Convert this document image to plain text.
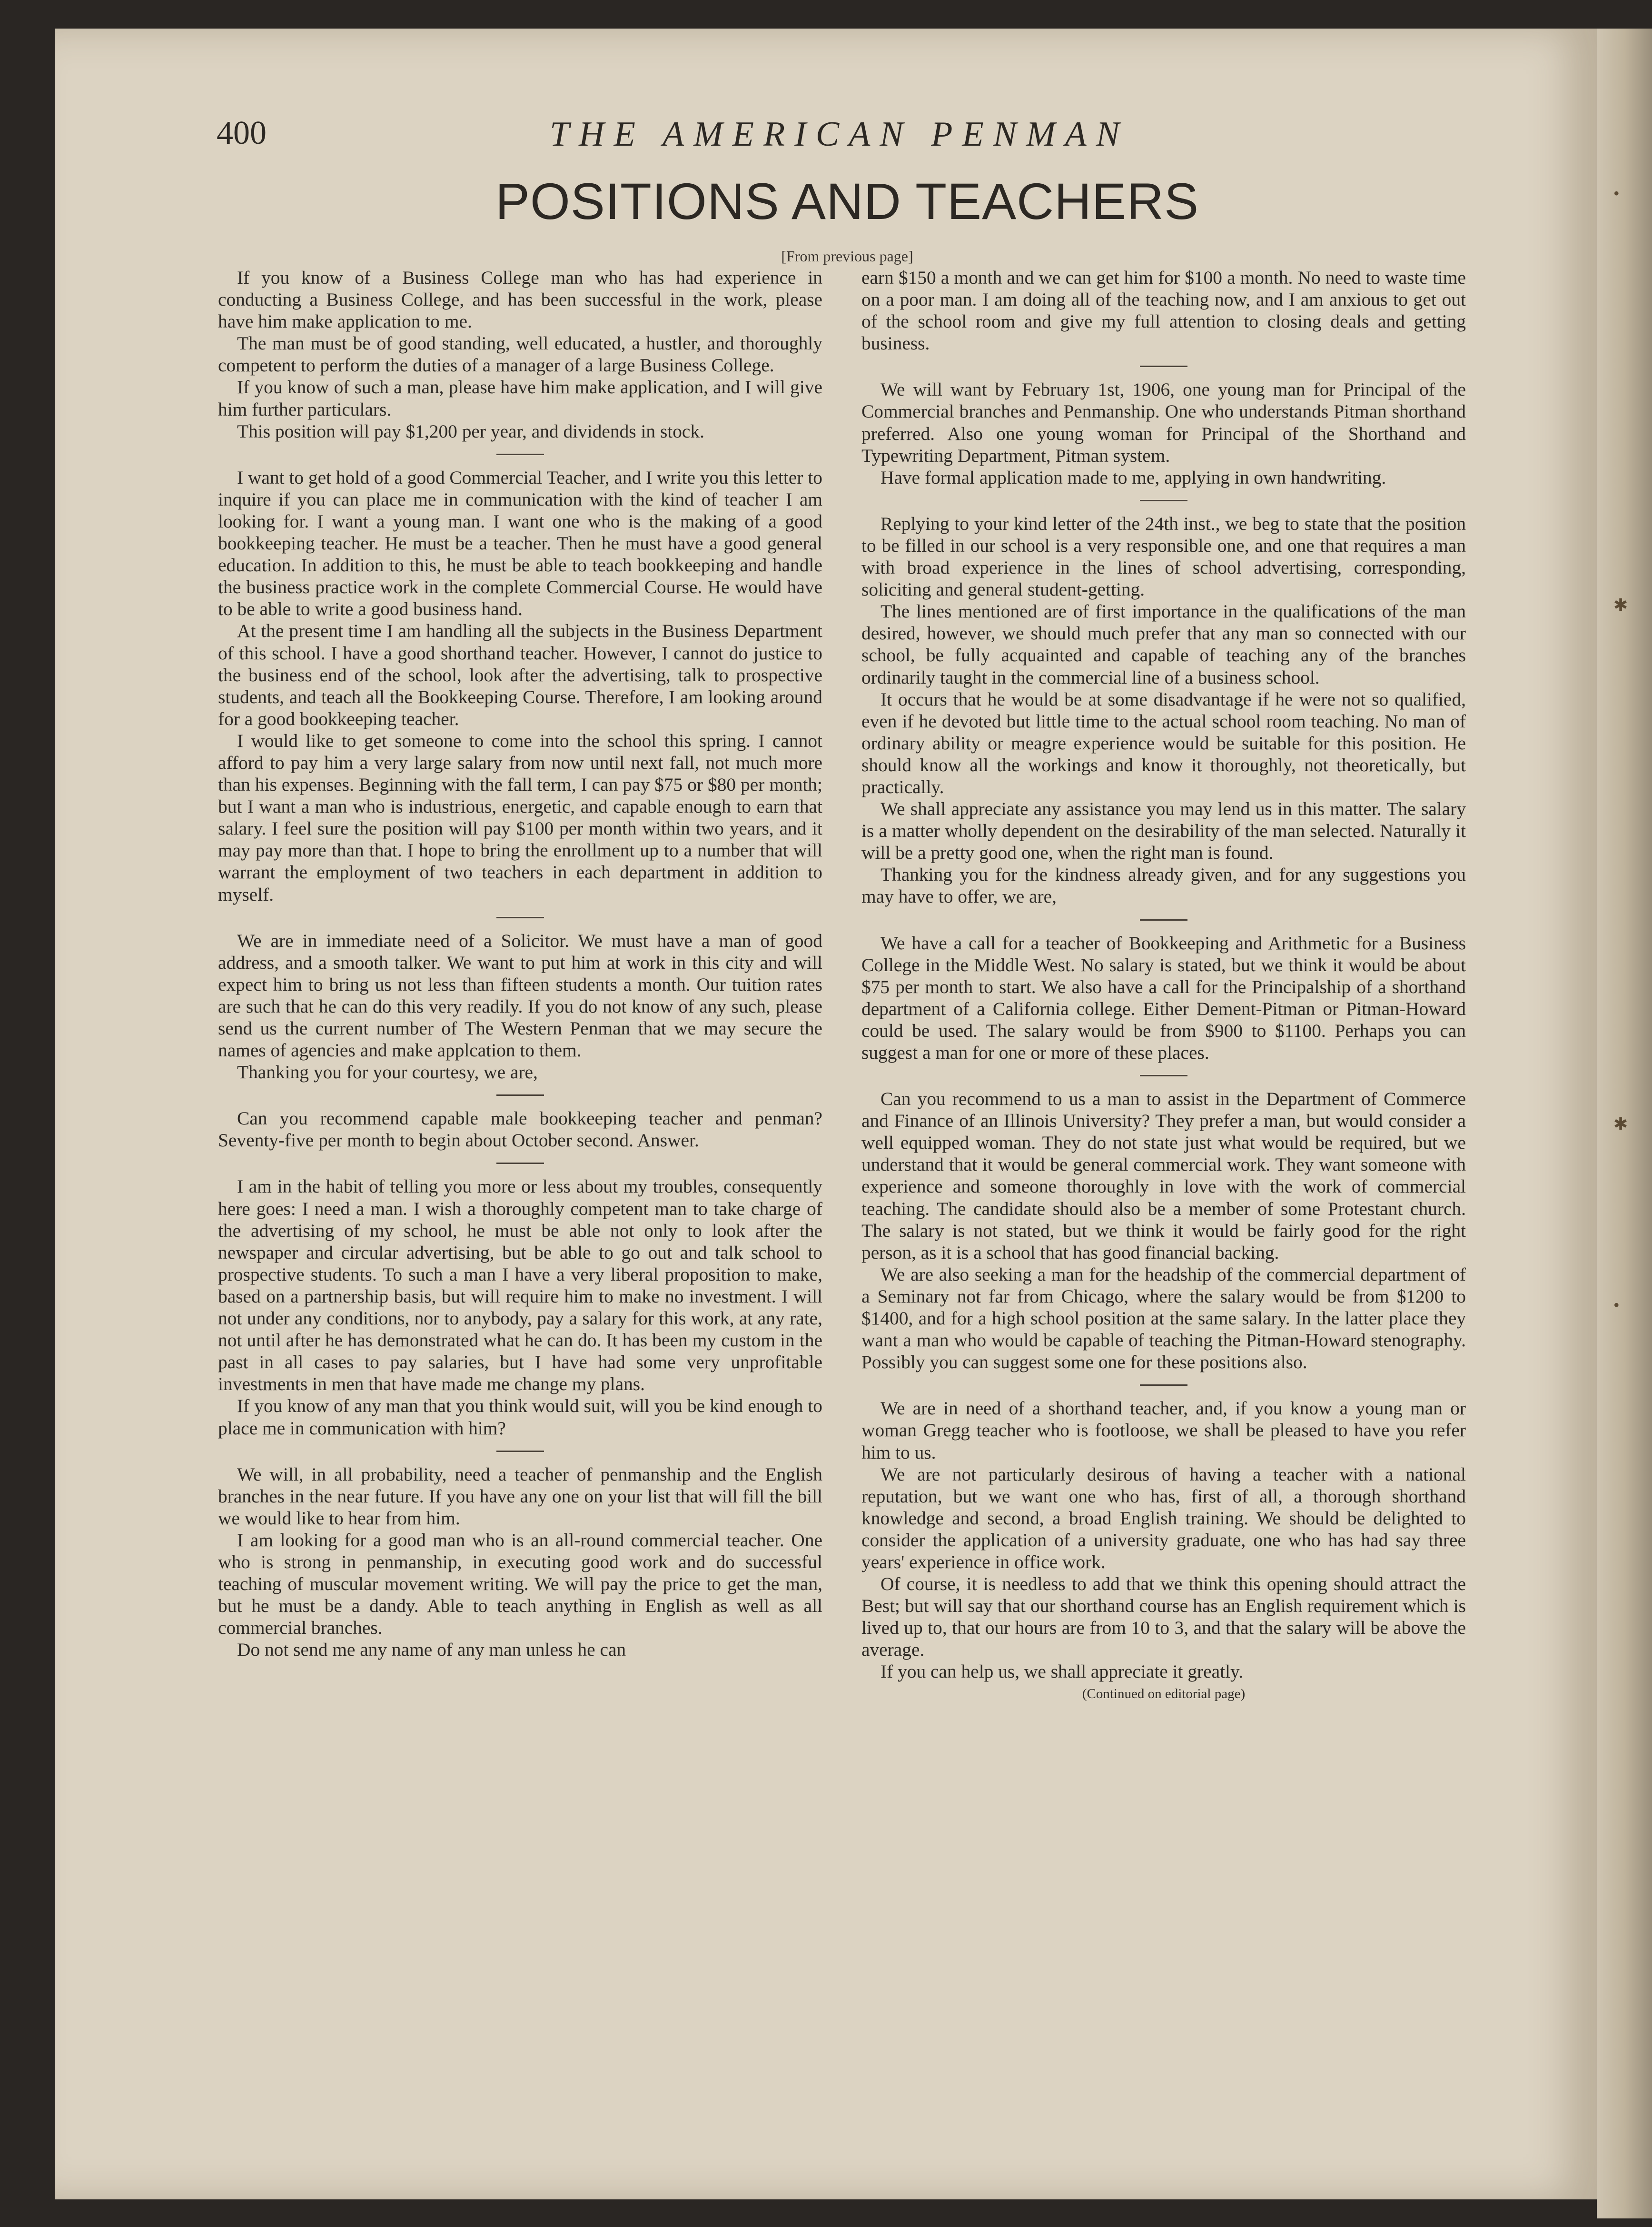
•
✱
✱
•
400	THE AMERICAN PENMAN
POSITIONS AND TEACHERS
[From previous page]

If you know of a Business College man who has had experience in conducting a Business College, and has been successful in the work, please have him make application to me.

The man must be of good standing, well educated, a hustler, and thoroughly competent to perform the duties of a manager of a large Business College.

If you know of such a man, please have him make application, and I will give him further particulars.

This position will pay $1,200 per year, and dividends in stock.

I want to get hold of a good Commercial Teacher, and I write you this letter to inquire if you can place me in communication with the kind of teacher I am looking for. I want a young man. I want one who is the making of a good bookkeeping teacher. He must be a teacher. Then he must have a good general education. In addition to this, he must be able to teach bookkeeping and handle the business practice work in the complete Commercial Course. He would have to be able to write a good business hand.

At the present time I am handling all the subjects in the Business Department of this school. I have a good shorthand teacher. However, I cannot do justice to the business end of the school, look after the advertising, talk to prospective students, and teach all the Bookkeeping Course. Therefore, I am looking around for a good bookkeeping teacher.

I would like to get someone to come into the school this spring. I cannot afford to pay him a very large salary from now until next fall, not much more than his expenses. Beginning with the fall term, I can pay $75 or $80 per month; but I want a man who is industrious, energetic, and capable enough to earn that salary. I feel sure the position will pay $100 per month within two years, and it may pay more than that. I hope to bring the enrollment up to a number that will warrant the employment of two teachers in each department in addition to myself.

We are in immediate need of a Solicitor. We must have a man of good address, and a smooth talker. We want to put him at work in this city and will expect him to bring us not less than fifteen students a month. Our tuition rates are such that he can do this very readily. If you do not know of any such, please send us the current number of The Western Penman that we may secure the names of agencies and make applcation to them.

Thanking you for your courtesy, we are,

Can you recommend capable male bookkeeping teacher and penman? Seventy-five per month to begin about October second. Answer.

I am in the habit of telling you more or less about my troubles, consequently here goes: I need a man. I wish a thoroughly competent man to take charge of the advertising of my school, he must be able not only to look after the newspaper and circular advertising, but be able to go out and talk school to prospective students. To such a man I have a very liberal proposition to make, based on a partnership basis, but will require him to make no investment. I will not under any conditions, nor to anybody, pay a salary for this work, at any rate, not until after he has demonstrated what he can do. It has been my custom in the past in all cases to pay salaries, but I have had some very unprofitable investments in men that have made me change my plans.

If you know of any man that you think would suit, will you be kind enough to place me in communication with him?

We will, in all probability, need a teacher of penmanship and the English branches in the near future. If you have any one on your list that will fill the bill we would like to hear from him.

I am looking for a good man who is an all-round commercial teacher. One who is strong in penmanship, in executing good work and do successful teaching of muscular movement writing. We will pay the price to get the man, but he must be a dandy. Able to teach anything in English as well as all commercial branches.

Do not send me any name of any man unless he can

earn $150 a month and we can get him for $100 a month. No need to waste time on a poor man. I am doing all of the teaching now, and I am anxious to get out of the school room and give my full attention to closing deals and getting business.

We will want by February 1st, 1906, one young man for Principal of the Commercial branches and Penmanship. One who understands Pitman shorthand preferred. Also one young woman for Principal of the Shorthand and Typewriting Department, Pitman system.

Have formal application made to me, applying in own handwriting.

Replying to your kind letter of the 24th inst., we beg to state that the position to be filled in our school is a very responsible one, and one that requires a man with broad experience in the lines of school advertising, corresponding, soliciting and general student-getting.

The lines mentioned are of first importance in the qualifications of the man desired, however, we should much prefer that any man so connected with our school, be fully acquainted and capable of teaching any of the branches ordinarily taught in the commercial line of a business school.

It occurs that he would be at some disadvantage if he were not so qualified, even if he devoted but little time to the actual school room teaching. No man of ordinary ability or meagre experience would be suitable for this position. He should know all the workings and know it thoroughly, not theoretically, but practically.

We shall appreciate any assistance you may lend us in this matter. The salary is a matter wholly dependent on the desirability of the man selected. Naturally it will be a pretty good one, when the right man is found.

Thanking you for the kindness already given, and for any suggestions you may have to offer, we are,

We have a call for a teacher of Bookkeeping and Arithmetic for a Business College in the Middle West. No salary is stated, but we think it would be about $75 per month to start. We also have a call for the Principalship of a shorthand department of a California college. Either Dement-Pitman or Pitman-Howard could be used. The salary would be from $900 to $1100. Perhaps you can suggest a man for one or more of these places.

Can you recommend to us a man to assist in the Department of Commerce and Finance of an Illinois University? They prefer a man, but would consider a well equipped woman. They do not state just what would be required, but we understand that it would be general commercial work. They want someone with experience and someone thoroughly in love with the work of commercial teaching. The candidate should also be a member of some Protestant church. The salary is not stated, but we think it would be fairly good for the right person, as it is a school that has good financial backing.

We are also seeking a man for the headship of the commercial department of a Seminary not far from Chicago, where the salary would be from $1200 to $1400, and for a high school position at the same salary. In the latter place they want a man who would be capable of teaching the Pitman-Howard stenography. Possibly you can suggest some one for these positions also.

We are in need of a shorthand teacher, and, if you know a young man or woman Gregg teacher who is footloose, we shall be pleased to have you refer him to us.

We are not particularly desirous of having a teacher with a national reputation, but we want one who has, first of all, a thorough shorthand knowledge and second, a broad English training. We should be delighted to consider the application of a university graduate, one who has had say three years' experience in office work.

Of course, it is needless to add that we think this opening should attract the Best; but will say that our shorthand course has an English requirement which is lived up to, that our hours are from 10 to 3, and that the salary will be above the average.

If you can help us, we shall appreciate it greatly.

(Continued on editorial page)
